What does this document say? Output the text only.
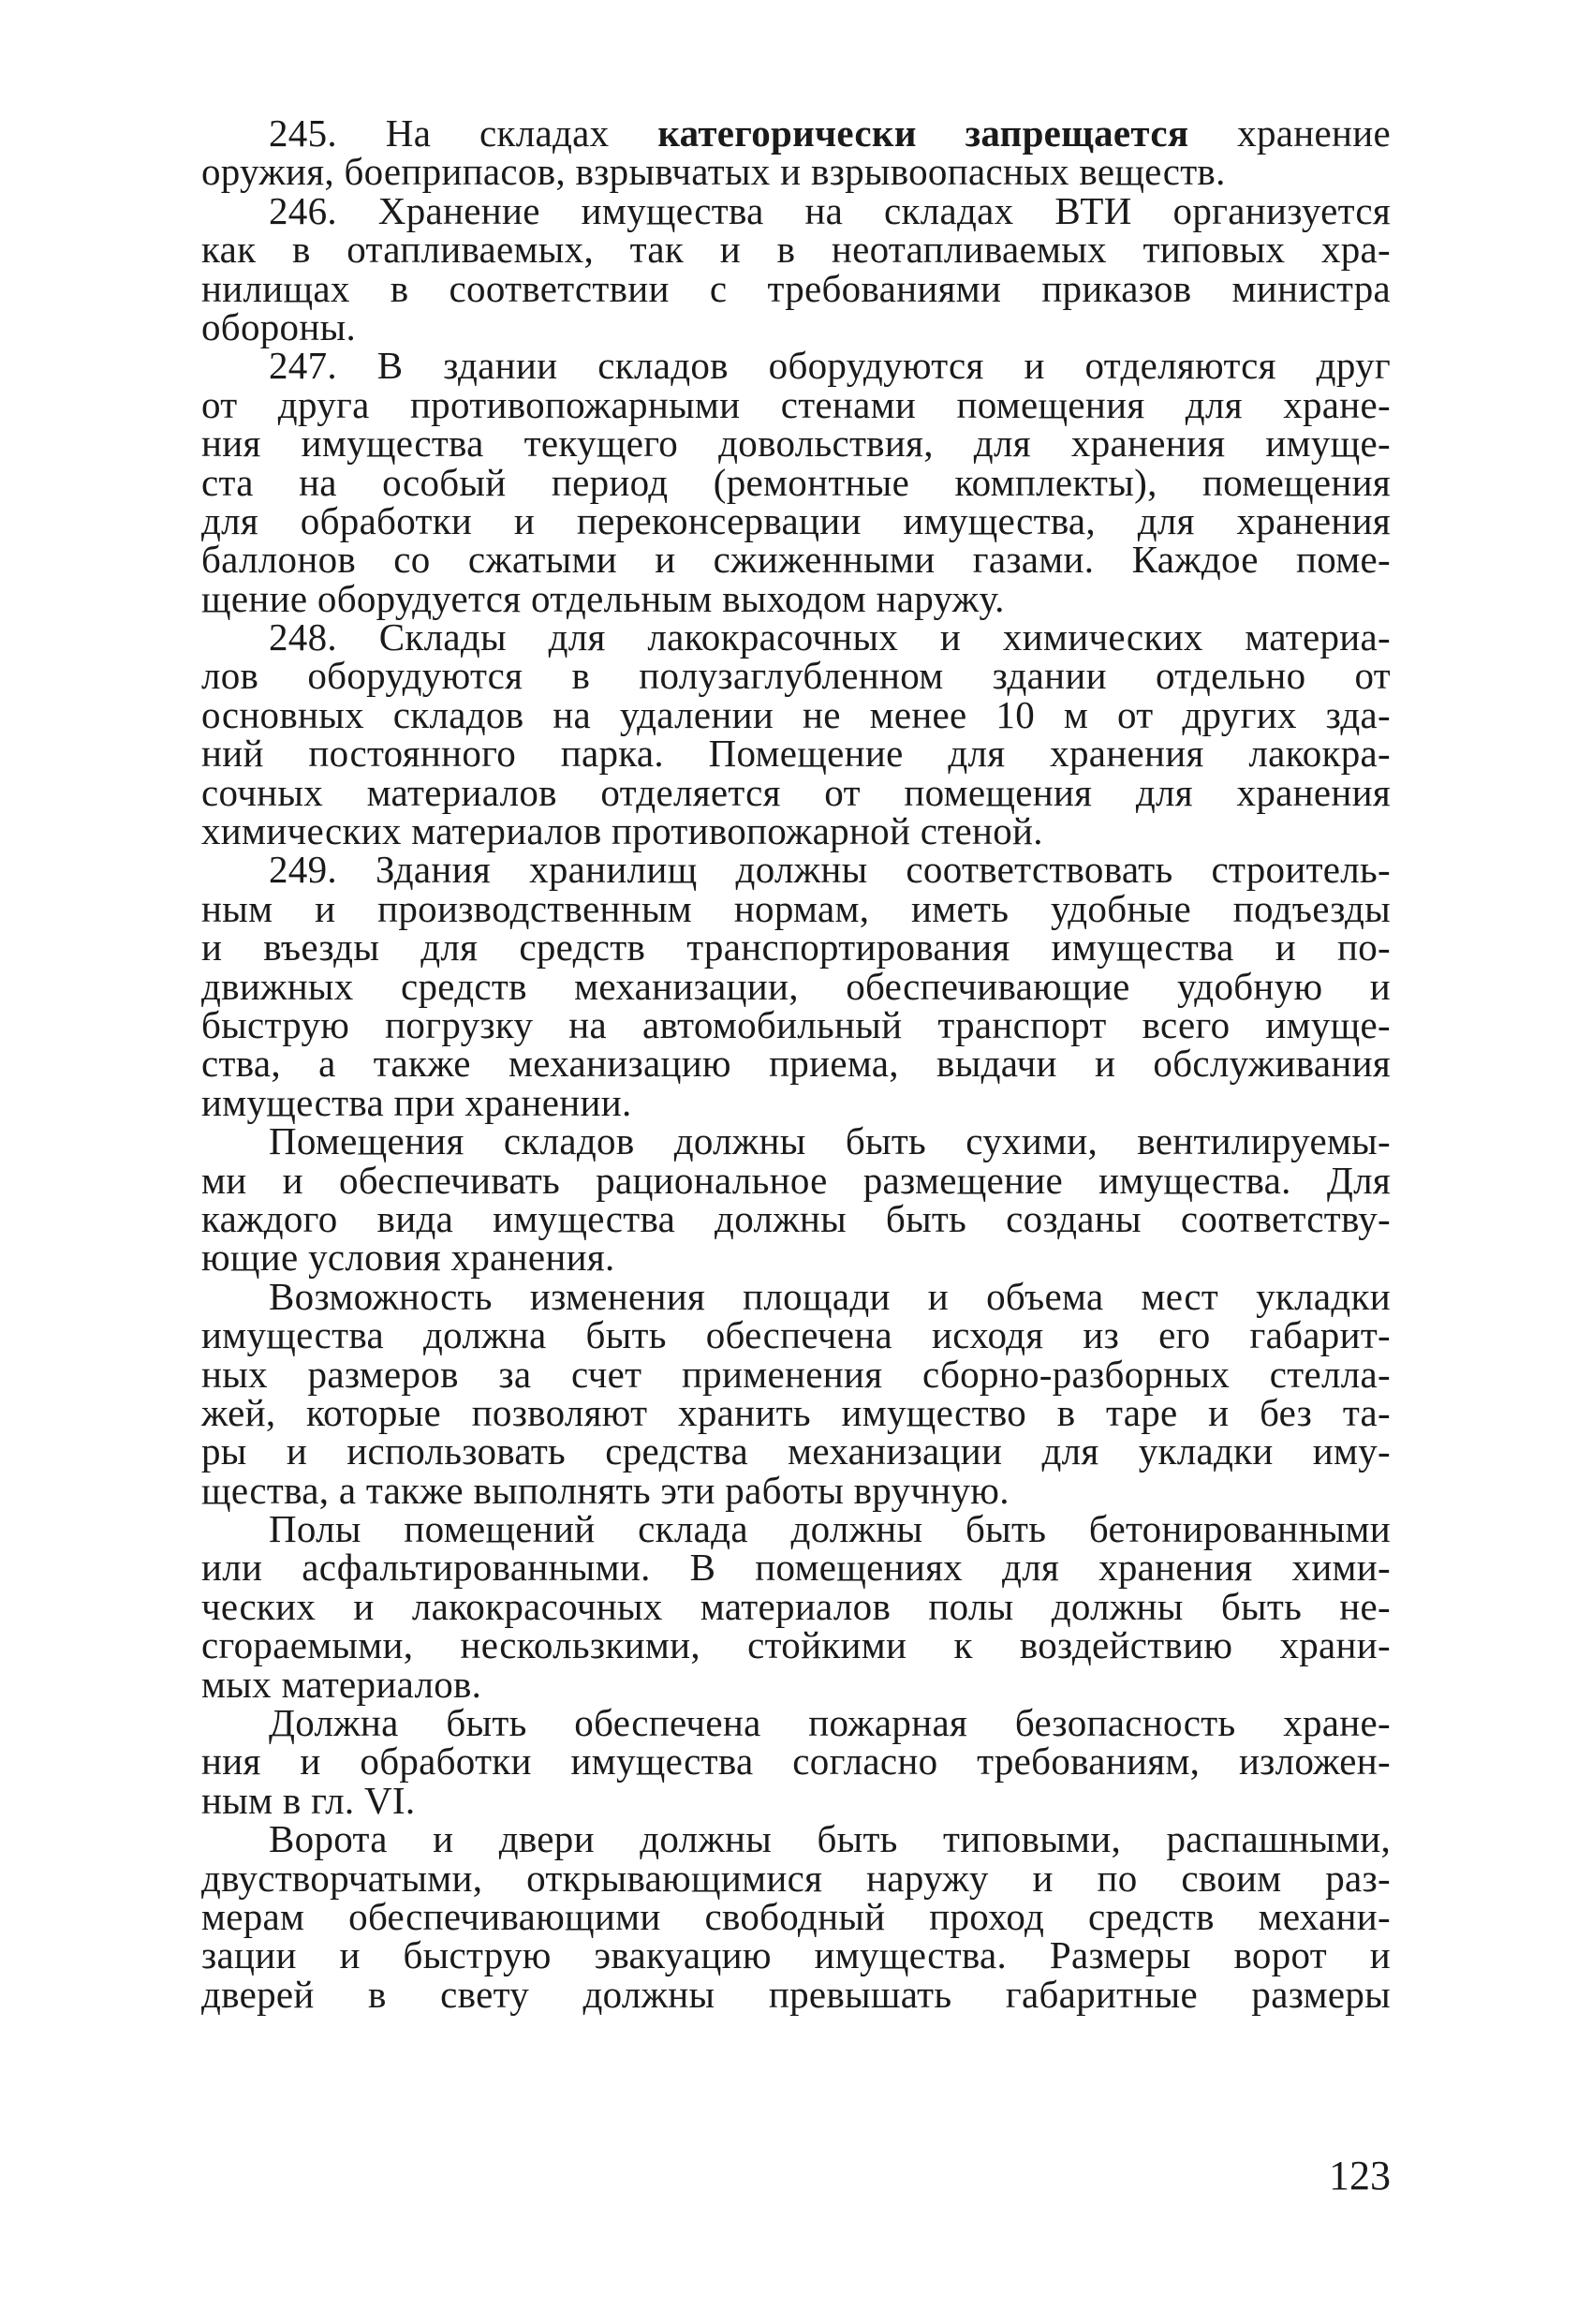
245. На складах категорически запрещается хранение
оружия, боеприпасов, взрывчатых и взрывоопасных веществ.
246. Хранение имущества на складах ВТИ организуется
как в отапливаемых, так и в неотапливаемых типовых хра-
нилищах в соответствии с требованиями приказов министра
обороны.
247. В здании складов оборудуются и отделяются друг
от друга противопожарными стенами помещения для хране-
ния имущества текущего довольствия, для хранения имуще-
ста на особый период (ремонтные комплекты), помещения
для обработки и переконсервации имущества, для хранения
баллонов со сжатыми и сжиженными газами. Каждое поме-
щение оборудуется отдельным выходом наружу.
248. Склады для лакокрасочных и химических материа-
лов оборудуются в полузаглубленном здании отдельно от
основных складов на удалении не менее 10 м от других зда-
ний постоянного парка. Помещение для хранения лакокра-
сочных материалов отделяется от помещения для хранения
химических материалов противопожарной стеной.
249. Здания хранилищ должны соответствовать строитель-
ным и производственным нормам, иметь удобные подъезды
и въезды для средств транспортирования имущества и по-
движных средств механизации, обеспечивающие удобную и
быструю погрузку на автомобильный транспорт всего имуще-
ства, а также механизацию приема, выдачи и обслуживания
имущества при хранении.
Помещения складов должны быть сухими, вентилируемы-
ми и обеспечивать рациональное размещение имущества. Для
каждого вида имущества должны быть созданы соответству-
ющие условия хранения.
Возможность изменения площади и объема мест укладки
имущества должна быть обеспечена исходя из его габарит-
ных размеров за счет применения сборно-разборных стелла-
жей, которые позволяют хранить имущество в таре и без та-
ры и использовать средства механизации для укладки иму-
щества, а также выполнять эти работы вручную.
Полы помещений склада должны быть бетонированными
или асфальтированными. В помещениях для хранения хими-
ческих и лакокрасочных материалов полы должны быть не-
сгораемыми, нескользкими, стойкими к воздействию храни-
мых материалов.
Должна быть обеспечена пожарная безопасность хране-
ния и обработки имущества согласно требованиям, изложен-
ным в гл. VI.
Ворота и двери должны быть типовыми, распашными,
двустворчатыми, открывающимися наружу и по своим раз-
мерам обеспечивающими свободный проход средств механи-
зации и быструю эвакуацию имущества. Размеры ворот и
дверей в свету должны превышать габаритные размеры
123
